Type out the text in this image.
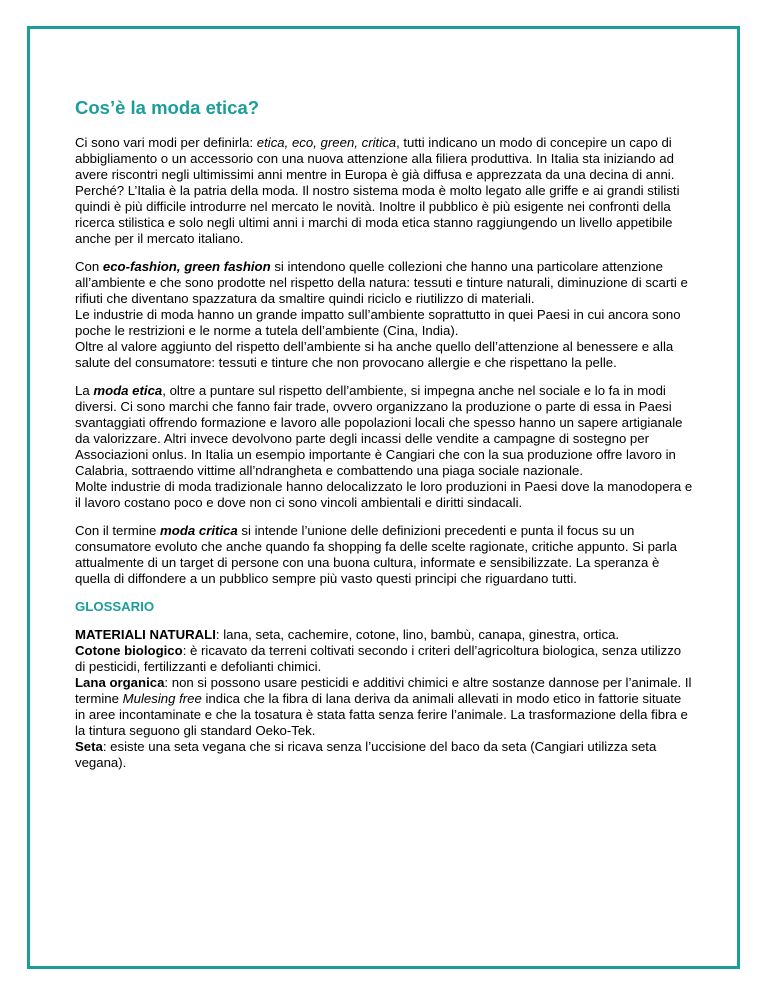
Cos’è la moda etica?

Ci sono vari modi per definirla: etica, eco, green, critica, tutti indicano un modo di concepire un capo di abbigliamento o un accessorio con una nuova attenzione alla filiera produttiva. In Italia sta iniziando ad avere riscontri negli ultimissimi anni mentre in Europa è già diffusa e apprezzata da una decina di anni. Perché? L’Italia è la patria della moda. Il nostro sistema moda è molto legato alle griffe e ai grandi stilisti quindi è più difficile introdurre nel mercato le novità. Inoltre il pubblico è più esigente nei confronti della ricerca stilistica e solo negli ultimi anni i marchi di moda etica stanno raggiungendo un livello appetibile anche per il mercato italiano.

Con eco-fashion, green fashion si intendono quelle collezioni che hanno una particolare attenzione all’ambiente e che sono prodotte nel rispetto della natura: tessuti e tinture naturali, diminuzione di scarti e rifiuti che diventano spazzatura da smaltire quindi riciclo e riutilizzo di materiali.
Le industrie di moda hanno un grande impatto sull’ambiente soprattutto in quei Paesi in cui ancora sono poche le restrizioni e le norme a tutela dell’ambiente (Cina, India).
Oltre al valore aggiunto del rispetto dell’ambiente si ha anche quello dell’attenzione al benessere e alla salute del consumatore: tessuti e tinture che non provocano allergie e che rispettano la pelle.

La moda etica, oltre a puntare sul rispetto dell’ambiente, si impegna anche nel sociale e lo fa in modi diversi. Ci sono marchi che fanno fair trade, ovvero organizzano la produzione o parte di essa in Paesi svantaggiati offrendo formazione e lavoro alle popolazioni locali che spesso hanno un sapere artigianale da valorizzare. Altri invece devolvono parte degli incassi delle vendite a campagne di sostegno per Associazioni onlus. In Italia un esempio importante è Cangiari che con la sua produzione offre lavoro in Calabria, sottraendo vittime all’ndrangheta e combattendo una piaga sociale nazionale.
Molte industrie di moda tradizionale hanno delocalizzato le loro produzioni in Paesi dove la manodopera e il lavoro costano poco e dove non ci sono vincoli ambientali e diritti sindacali.

Con il termine moda critica si intende l’unione delle definizioni precedenti e punta il focus su un consumatore evoluto che anche quando fa shopping fa delle scelte ragionate, critiche appunto. Si parla attualmente di un target di persone con una buona cultura, informate e sensibilizzate. La speranza è quella di diffondere a un pubblico sempre più vasto questi principi che riguardano tutti.

GLOSSARIO

MATERIALI NATURALI: lana, seta, cachemire, cotone, lino, bambù, canapa, ginestra, ortica.
Cotone biologico: è ricavato da terreni coltivati secondo i criteri dell’agricoltura biologica, senza utilizzo di pesticidi, fertilizzanti e defolianti chimici.
Lana organica: non si possono usare pesticidi e additivi chimici e altre sostanze dannose per l’animale. Il termine Mulesing free indica che la fibra di lana deriva da animali allevati in modo etico in fattorie situate in aree incontaminate e che la tosatura è stata fatta senza ferire l’animale. La trasformazione della fibra e la tintura seguono gli standard Oeko-Tek.
Seta: esiste una seta vegana che si ricava senza l’uccisione del baco da seta (Cangiari utilizza seta vegana).
